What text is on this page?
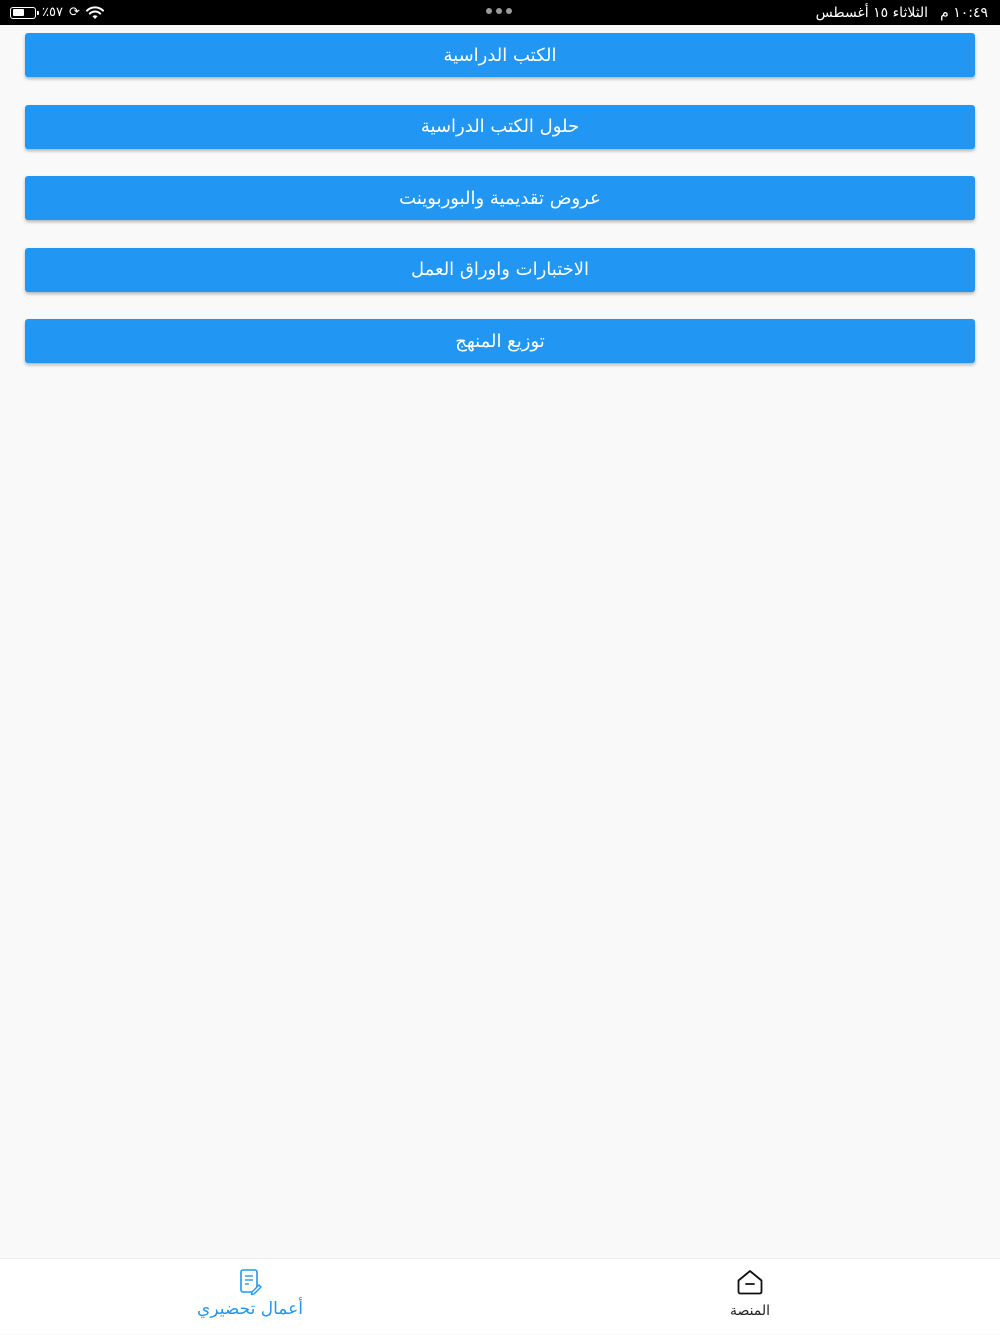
٪٥٧ ⟳	١٠:٤٩ م
الثلاثاء ١٥ أغسطس
الكتب الدراسية
حلول الكتب الدراسية
عروض تقديمية والبوربوينت
الاختبارات واوراق العمل
توزيع المنهج
أعمال تحضيري	المنصة
